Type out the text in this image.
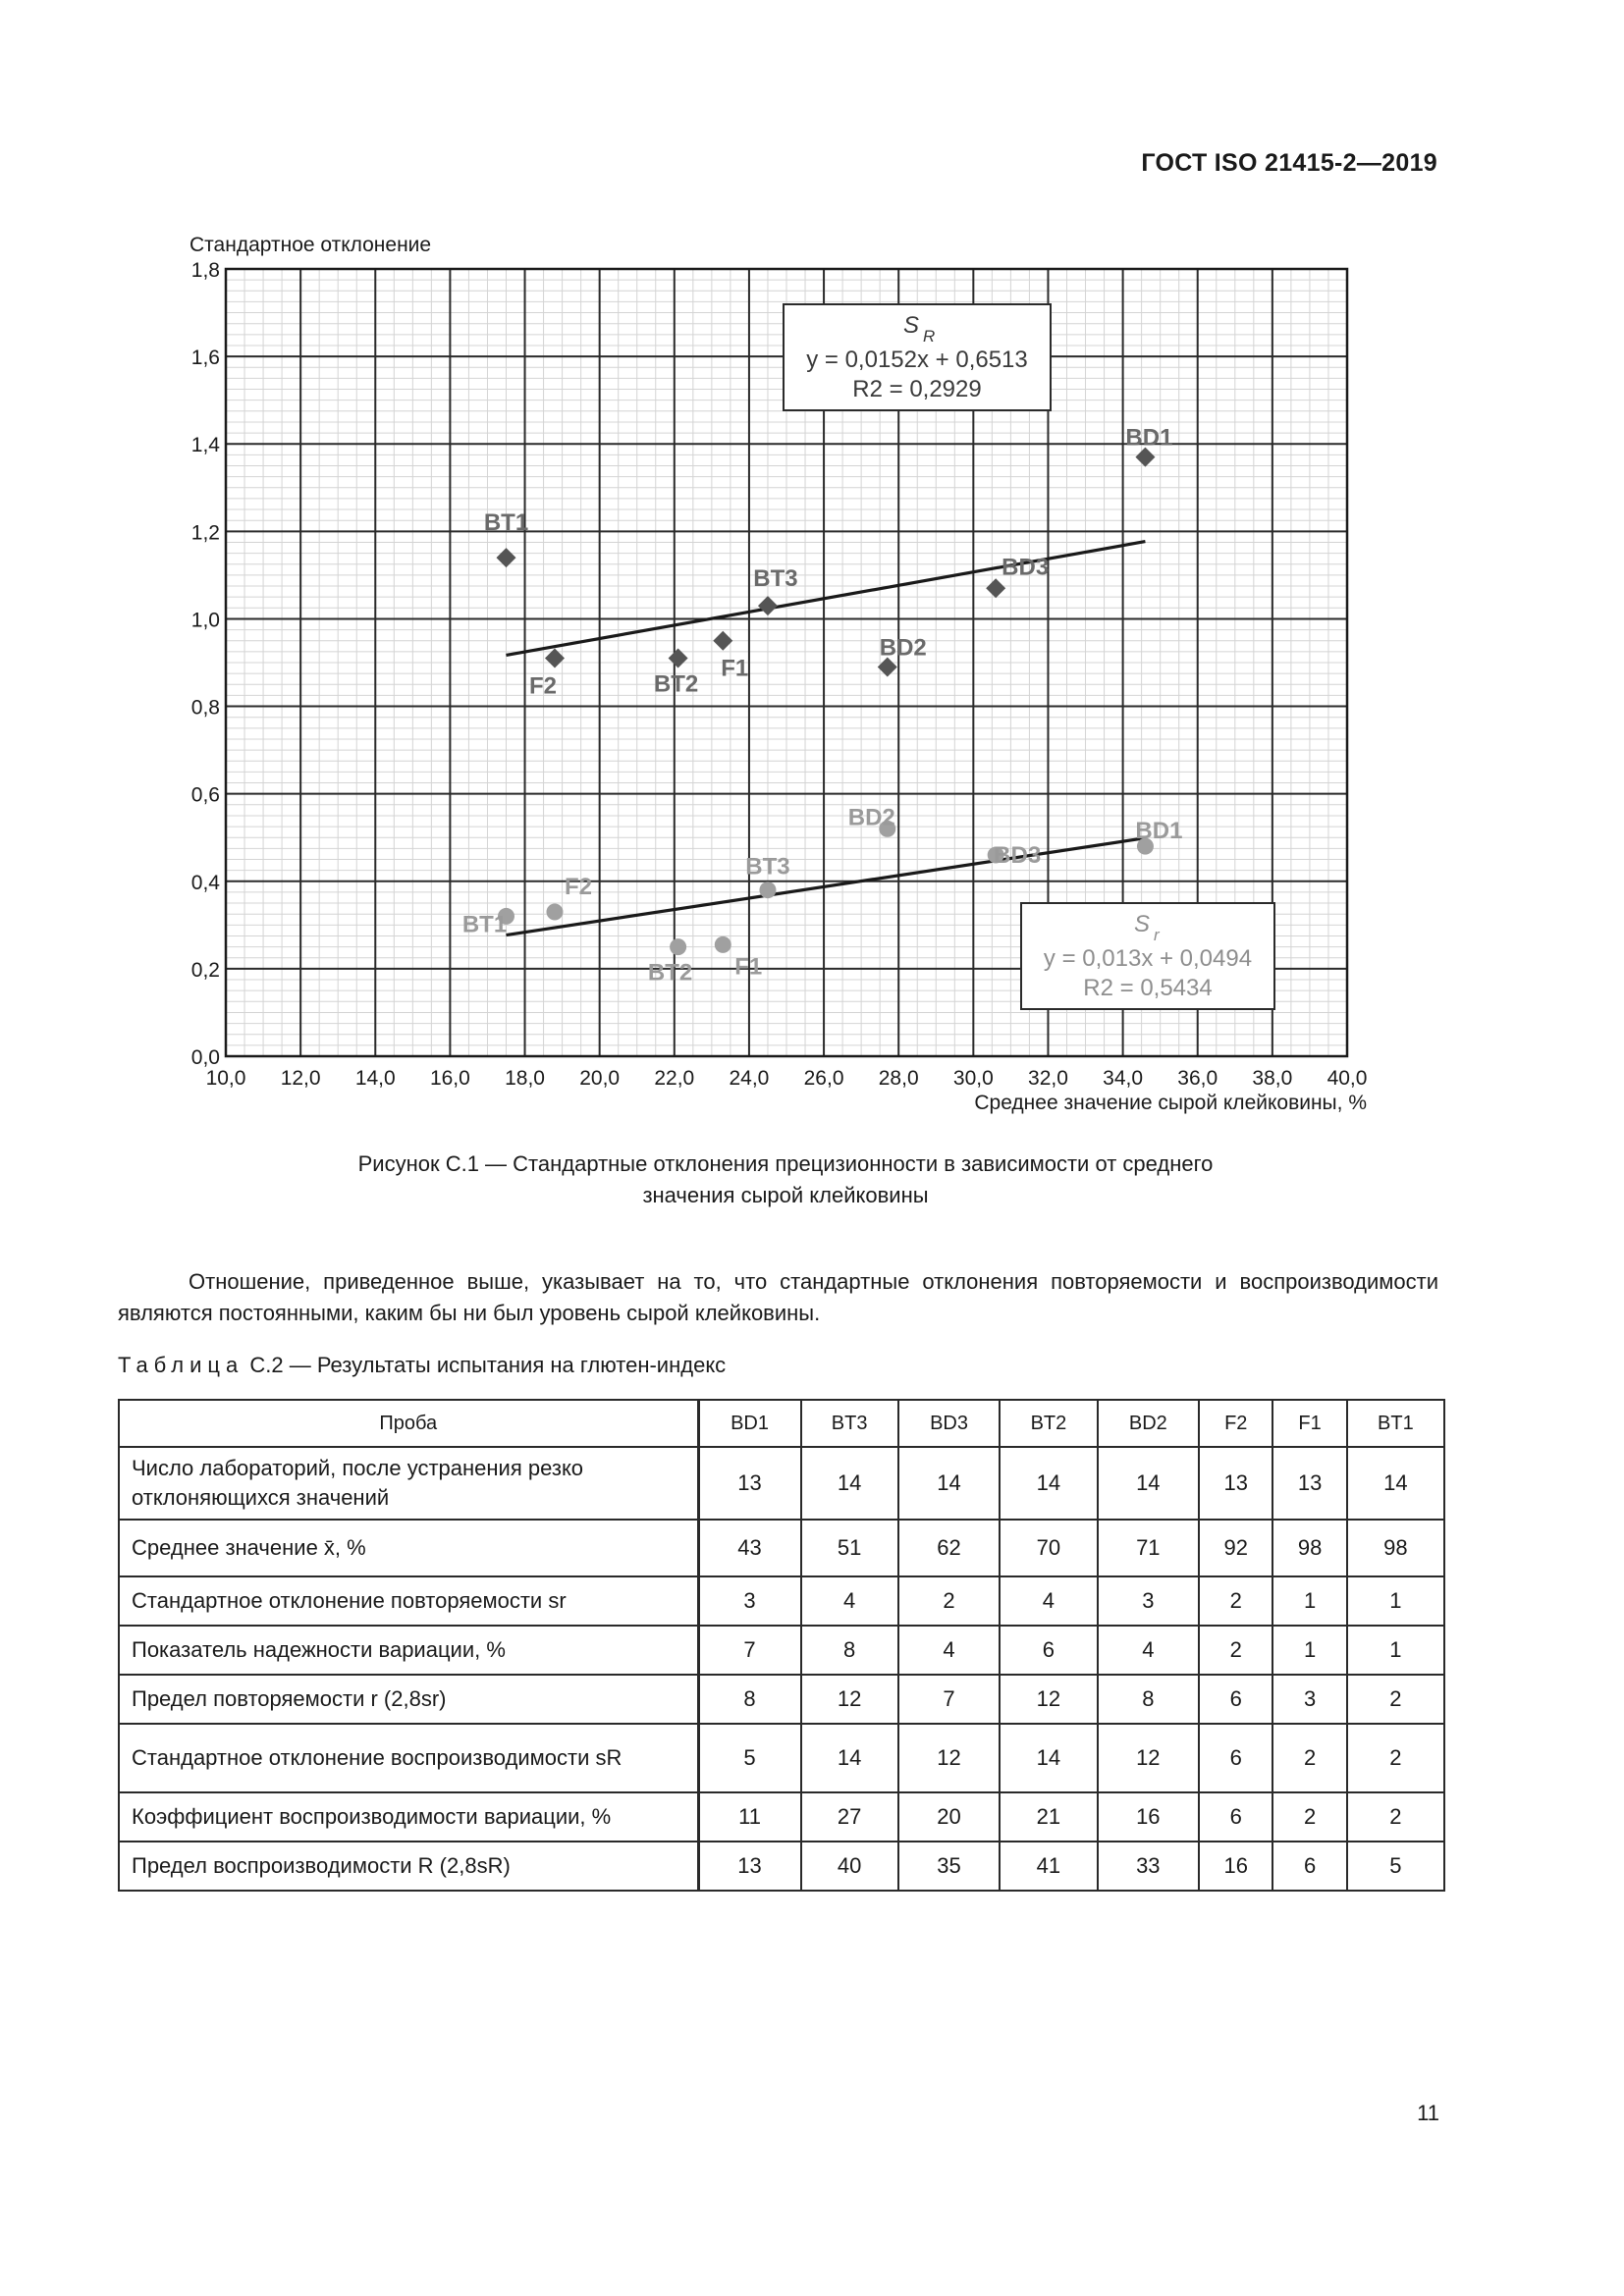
ГОСТ ISO 21415-2—2019
10,0 12,0 14,0 16,0 18,0 20,0 22,0 24,0 26,0 28,0 30,0 32,0 34,0 36,0 38,0 40,0
0,0
0,2
0,4
0,6
0,8
1,0
1,2
1,4
1,6
1,8
Стандартное отклонение
Среднее значение сырой клейковины, %
BT1
F2	BT2
F1
BT3
BD2
BD3
BD1
BT1
F2
BT2 F1
BT3
BD2
BD3
BD1
S R
y = 0,0152x + 0,6513
R2 = 0,2929
S r
y = 0,013x + 0,0494
R2 = 0,5434
Рисунок С.1 — Стандартные отклонения прецизионности в зависимости от среднего
значения сырой клейковины
Отношение, приведенное выше, указывает на то, что стандартные отклонения повторяемости и воспроизводимости являются постоянными, каким бы ни был уровень сырой клейковины.
Таблица С.2 — Результаты испытания на глютен-индекс
Проба	BD1	BT3	BD3	BT2	BD2	F2	F1	BT1
Число лабораторий, после устранения резко отклоняющихся значений	13	14	14	14	14	13	13	14
Среднее значение x̄, %	43	51	62	70	71	92	98	98
Стандартное отклонение повторяемости sr	3	4	2	4	3	2	1	1
Показатель надежности вариации, %	7	8	4	6	4	2	1	1
Предел повторяемости r (2,8sr)	8	12	7	12	8	6	3	2
Стандартное отклонение воспроизводимости sR	5	14	12	14	12	6	2	2
Коэффициент воспроизводимости вариации, %	11	27	20	21	16	6	2	2
Предел воспроизводимости R (2,8sR)	13	40	35	41	33	16	6	5
11
